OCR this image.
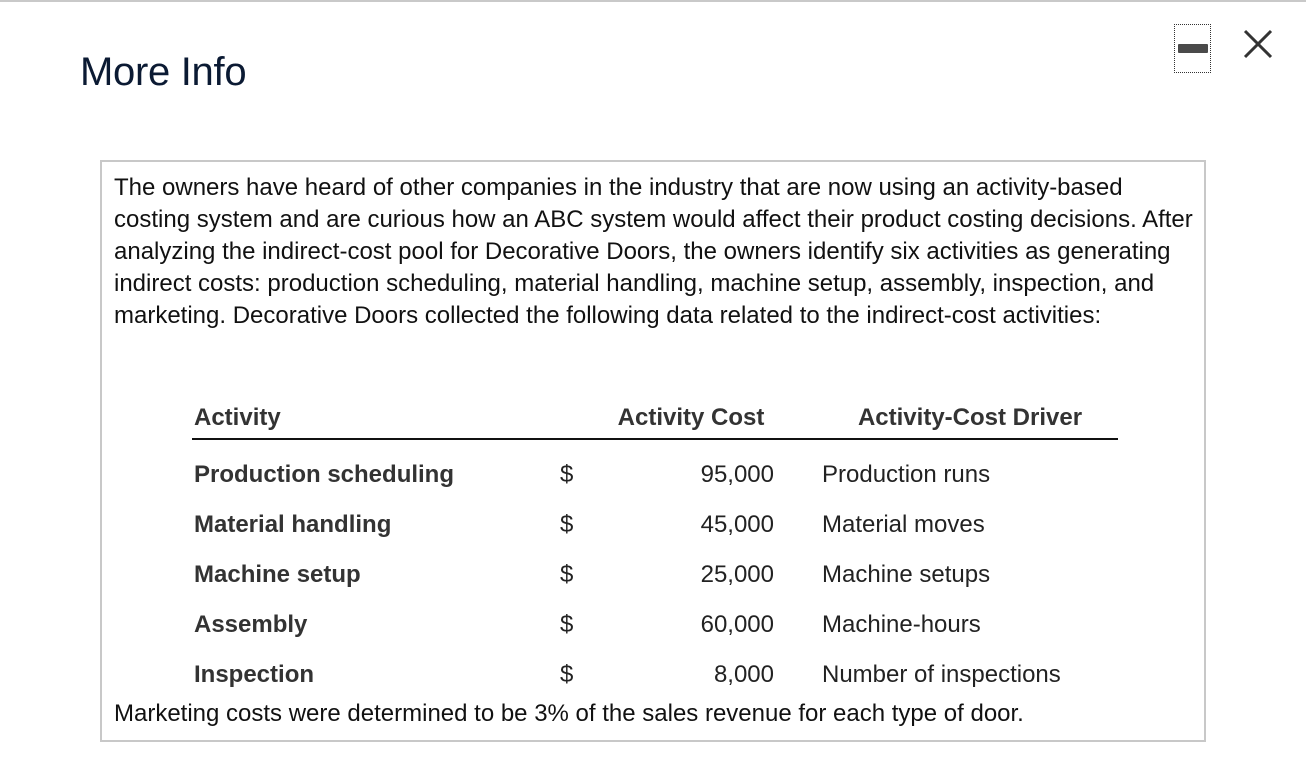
More Info

The owners have heard of other companies in the industry that are now using an activity-based costing system and are curious how an ABC system would affect their product costing decisions. After analyzing the indirect-cost pool for Decorative Doors, the owners identify six activities as generating indirect costs: production scheduling, material handling, machine setup, assembly, inspection, and marketing. Decorative Doors collected the following data related to the indirect-cost activities:

Activity	Activity Cost		Activity-Cost Driver
Production scheduling	$	95,000	Production runs
Material handling	$	45,000	Material moves
Machine setup	$	25,000	Machine setups
Assembly	$	60,000	Machine-hours
Inspection	$	8,000	Number of inspections

Marketing costs were determined to be 3% of the sales revenue for each type of door.
